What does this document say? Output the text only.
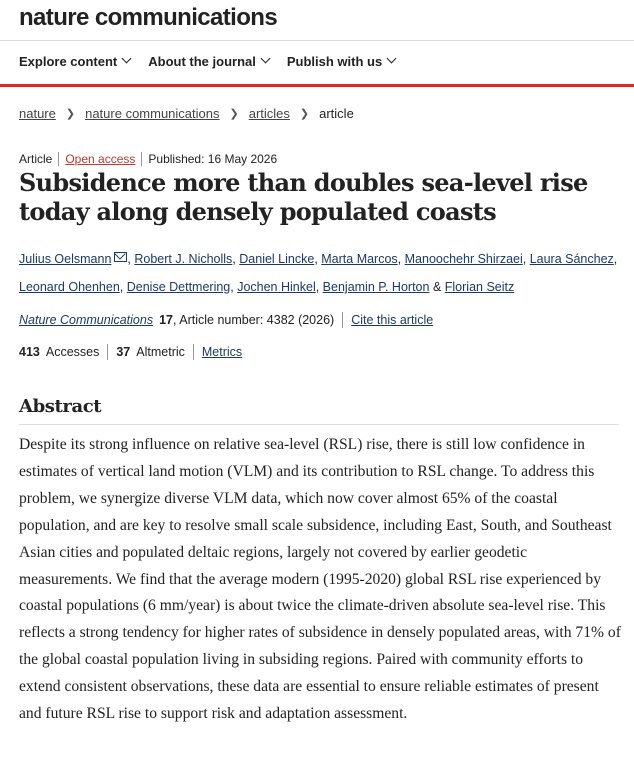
nature communications
Explore content About the journal Publish with us
nature ❯ nature communications ❯ articles ❯ article
Article Open access Published: 16 May 2026
Subsidence more than doubles sea-level rise today along densely populated coasts
Julius Oelsmann , Robert J. Nicholls, Daniel Lincke, Marta Marcos, Manoochehr Shirzaei, Laura Sánchez, Leonard Ohenhen, Denise Dettmering, Jochen Hinkel, Benjamin P. Horton & Florian Seitz
Nature Communications 17 , Article number: 4382 (2026) Cite this article
413 Accesses 37 Altmetric Metrics
Abstract

Despite its strong influence on relative sea-level (RSL) rise, there is still low confidence in estimates of vertical land motion (VLM) and its contribution to RSL change. To address this problem, we synergize diverse VLM data, which now cover almost 65% of the coastal population, and are key to resolve small scale subsidence, including East, South, and Southeast Asian cities and populated deltaic regions, largely not covered by earlier geodetic measurements. We find that the average modern (1995-2020) global RSL rise experienced by coastal populations (6 mm/year) is about twice the climate-driven absolute sea-level rise. This reflects a strong tendency for higher rates of subsidence in densely populated areas, with 71% of the global coastal population living in subsiding regions. Paired with community efforts to extend consistent observations, these data are essential to ensure reliable estimates of present and future RSL rise to support risk and adaptation assessment.
